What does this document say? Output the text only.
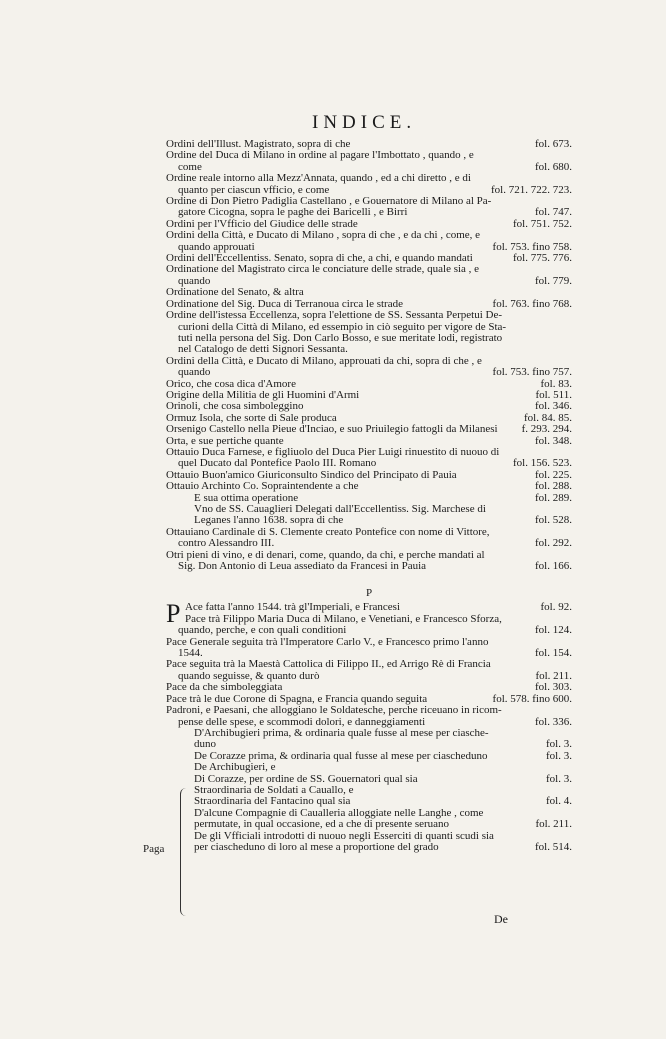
INDICE.
Ordini dell'Illust. Magistrato, sopra di che	fol. 673.
Ordine del Duca di Milano in ordine al pagare l'Imbottato , quando , e
come	fol. 680.
Ordine reale intorno alla Mezz'Annata, quando , ed a chi diretto , e di
quanto per ciascun vfficio, e come	fol. 721. 722. 723.
Ordine di Don Pietro Padiglia Castellano , e Gouernatore di Milano al Pa-
gatore Cicogna, sopra le paghe dei Baricelli , e Birri	fol. 747.
Ordini per l'Vfficio del Giudice delle strade	fol. 751. 752.
Ordini della Città, e Ducato di Milano , sopra di che , e da chi , come, e
quando approuati	fol. 753. fino 758.
Ordini dell'Eccellentiss. Senato, sopra di che, a chi, e quando mandati	fol. 775. 776.
Ordinatione del Magistrato circa le conciature delle strade, quale sia , e
quando	fol. 779.
Ordinatione del Senato, & altra
Ordinatione del Sig. Duca di Terranoua circa le strade	fol. 763. fino 768.
Ordine dell'istessa Eccellenza, sopra l'elettione de SS. Sessanta Perpetui De-
curioni della Città di Milano, ed essempio in ciò seguito per vigore de Sta-
tuti nella persona del Sig. Don Carlo Bosso, e sue meritate lodi, registrato
nel Catalogo de detti Signori Sessanta.
Ordini della Città, e Ducato di Milano, approuati da chi, sopra di che , e
quando	fol. 753. fino 757.
Orico, che cosa dica d'Amore	fol. 83.
Origine della Militia de gli Huomini d'Armi	fol. 511.
Orinoli, che cosa simboleggino	fol. 346.
Ormuz Isola, che sorte di Sale produca	fol. 84. 85.
Orsenigo Castello nella Pieue d'Inciao, e suo Priuilegio fattogli da Milanesi	f. 293. 294.
Orta, e sue pertiche quante	fol. 348.
Ottauio Duca Farnese, e figliuolo del Duca Pier Luigi rinuestito di nuouo di
quel Ducato dal Pontefice Paolo III. Romano	fol. 156. 523.
Ottauio Buon'amico Giuriconsulto Sindico del Principato di Pauia	fol. 225.
Ottauio Archinto Co. Sopraintendente a che	fol. 288.
E sua ottima operatione	fol. 289.
Vno de SS. Cauaglieri Delegati dall'Eccellentiss. Sig. Marchese di
Leganes l'anno 1638. sopra di che	fol. 528.
Ottauiano Cardinale di S. Clemente creato Pontefice con nome di Vittore,
contro Alessandro III.	fol. 292.
Otri pieni di vino, e di denari, come, quando, da chi, e perche mandati al
Sig. Don Antonio di Leua assediato da Francesi in Pauia	fol. 166.
P
P Ace fatta l'anno 1544. trà gl'Imperiali, e Francesi	fol. 92.
Pace trà Filippo Maria Duca di Milano, e Venetiani, e Francesco Sforza,
quando, perche, e con quali conditioni	fol. 124.
Pace Generale seguita trà l'Imperatore Carlo V., e Francesco primo l'anno
1544.	fol. 154.
Pace seguita trà la Maestà Cattolica di Filippo II., ed Arrigo Rè di Francia
quando seguisse, & quanto durò	fol. 211.
Pace da che simboleggiata	fol. 303.
Pace trà le due Corone di Spagna, e Francia quando seguita	fol. 578. fino 600.
Padroni, e Paesani, che alloggiano le Soldatesche, perche riceuano in ricom-
pense delle spese, e scommodi dolori, e danneggiamenti	fol. 336.
D'Archibugieri prima, & ordinaria quale fusse al mese per ciasche-
duno	fol. 3.
De Corazze prima, & ordinaria qual fusse al mese per ciascheduno	fol. 3.
De Archibugieri, e
Di Corazze, per ordine de SS. Gouernatori qual sia	fol. 3.
Straordinaria de Soldati a Cauallo, e
Straordinaria del Fantacino qual sia	fol. 4.
D'alcune Compagnie di Caualleria alloggiate nelle Langhe , come
permutate, in qual occasione, ed a che di presente seruano	fol. 211.
De gli Vfficiali introdotti di nuouo negli Esserciti di quanti scudi sia
per ciascheduno di loro al mese a proportione del grado	fol. 514.
Paga
De
